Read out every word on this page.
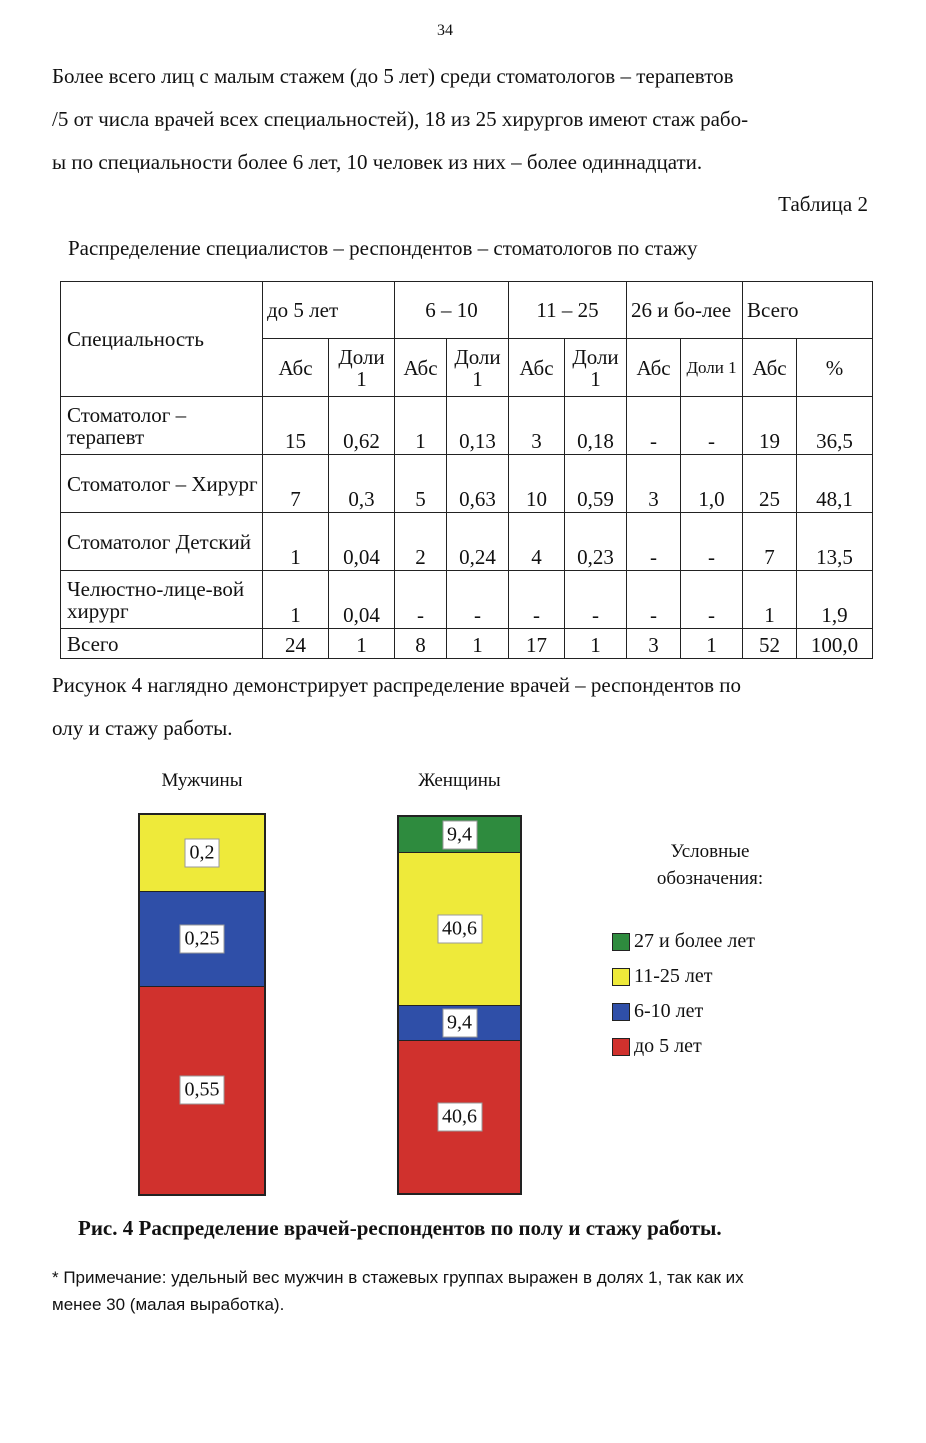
34
Более всего лиц с малым стажем (до 5 лет) среди стоматологов – терапевтов
/5 от числа врачей всех специальностей), 18 из 25 хирургов имеют стаж рабо-
ы по специальности более 6 лет, 10 человек из них – более одиннадцати.
Таблица 2
Распределение специалистов – респондентов – стоматологов по стажу
Специальность	до 5 лет		6 – 10		11 – 25		26 и бо-лее		Всего	
	Абс	Доли 1	Абс	Доли 1	Абс	Доли 1	Абс	Доли 1	Абс	%
Стоматолог – терапевт	15	0,62	1	0,13	3	0,18	-	-	19	36,5
Стоматолог – Хирург	7	0,3	5	0,63	10	0,59	3	1,0	25	48,1
Стоматолог Детский	1	0,04	2	0,24	4	0,23	-	-	7	13,5
Челюстно-лице-вой хирург	1	0,04	-	-	-	-	-	-	1	1,9
Всего	24	1	8	1	17	1	3	1	52	100,0
Рисунок 4 наглядно демонстрирует распределение врачей – респондентов по
олу и стажу работы.
Мужчины	Женщины
0,2
0,25
0,55
9,4
40,6
9,4
40,6
Условные обозначения:
27 и более лет
11-25 лет
6-10 лет
до 5 лет
Рис. 4 Распределение врачей-респондентов по полу и стажу работы.
* Примечание: удельный вес мужчин в стажевых группах выражен в долях 1, так как их
менее 30 (малая выработка).
